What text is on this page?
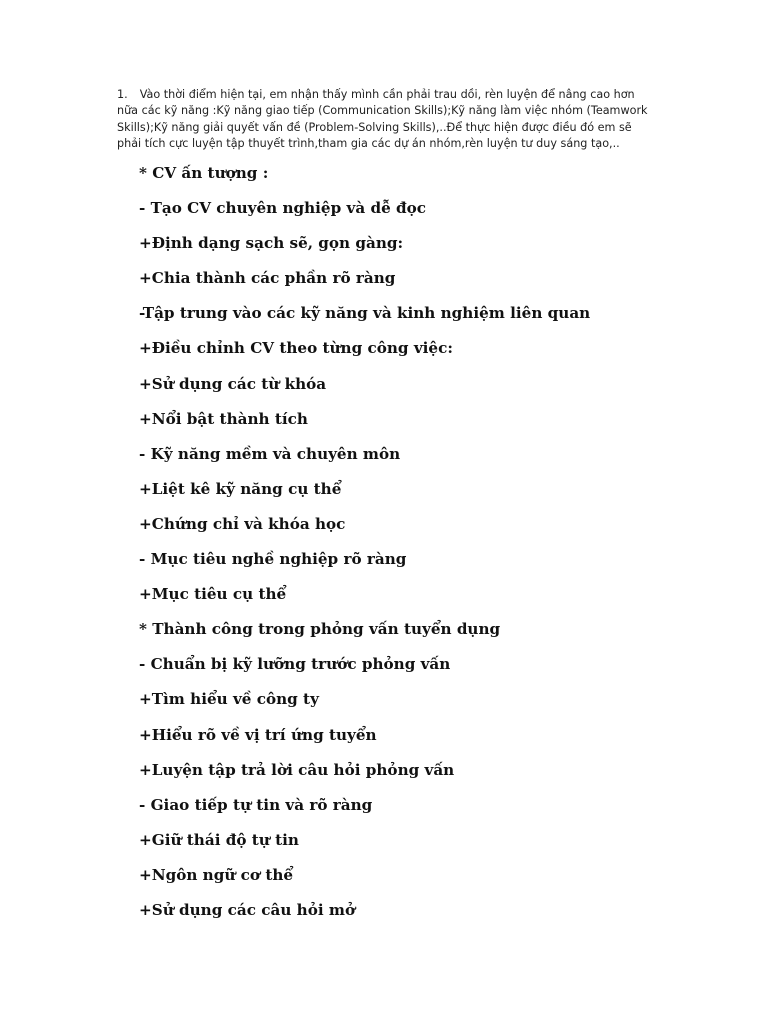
1. Vào thời điểm hiện tại, em nhận thấy mình cần phải trau dồi, rèn luyện để nâng cao hơn nữa các kỹ năng :Kỹ năng giao tiếp (Communication Skills);Kỹ năng làm việc nhóm (Teamwork Skills);Kỹ năng giải quyết vấn đề (Problem-Solving Skills),..Để thực hiện được điều đó em sẽ phải tích cực luyện tập thuyết trình,tham gia các dự án nhóm,rèn luyện tư duy sáng tạo,..

* CV ấn tượng :
- Tạo CV chuyên nghiệp và dễ đọc
+Định dạng sạch sẽ, gọn gàng:
+Chia thành các phần rõ ràng
-Tập trung vào các kỹ năng và kinh nghiệm liên quan
+Điều chỉnh CV theo từng công việc:
+Sử dụng các từ khóa
+Nổi bật thành tích
- Kỹ năng mềm và chuyên môn
+Liệt kê kỹ năng cụ thể
+Chứng chỉ và khóa học
- Mục tiêu nghề nghiệp rõ ràng
+Mục tiêu cụ thể
* Thành công trong phỏng vấn tuyển dụng
- Chuẩn bị kỹ lưỡng trước phỏng vấn
+Tìm hiểu về công ty
+Hiểu rõ về vị trí ứng tuyển
+Luyện tập trả lời câu hỏi phỏng vấn
- Giao tiếp tự tin và rõ ràng
+Giữ thái độ tự tin
+Ngôn ngữ cơ thể
+Sử dụng các câu hỏi mở
